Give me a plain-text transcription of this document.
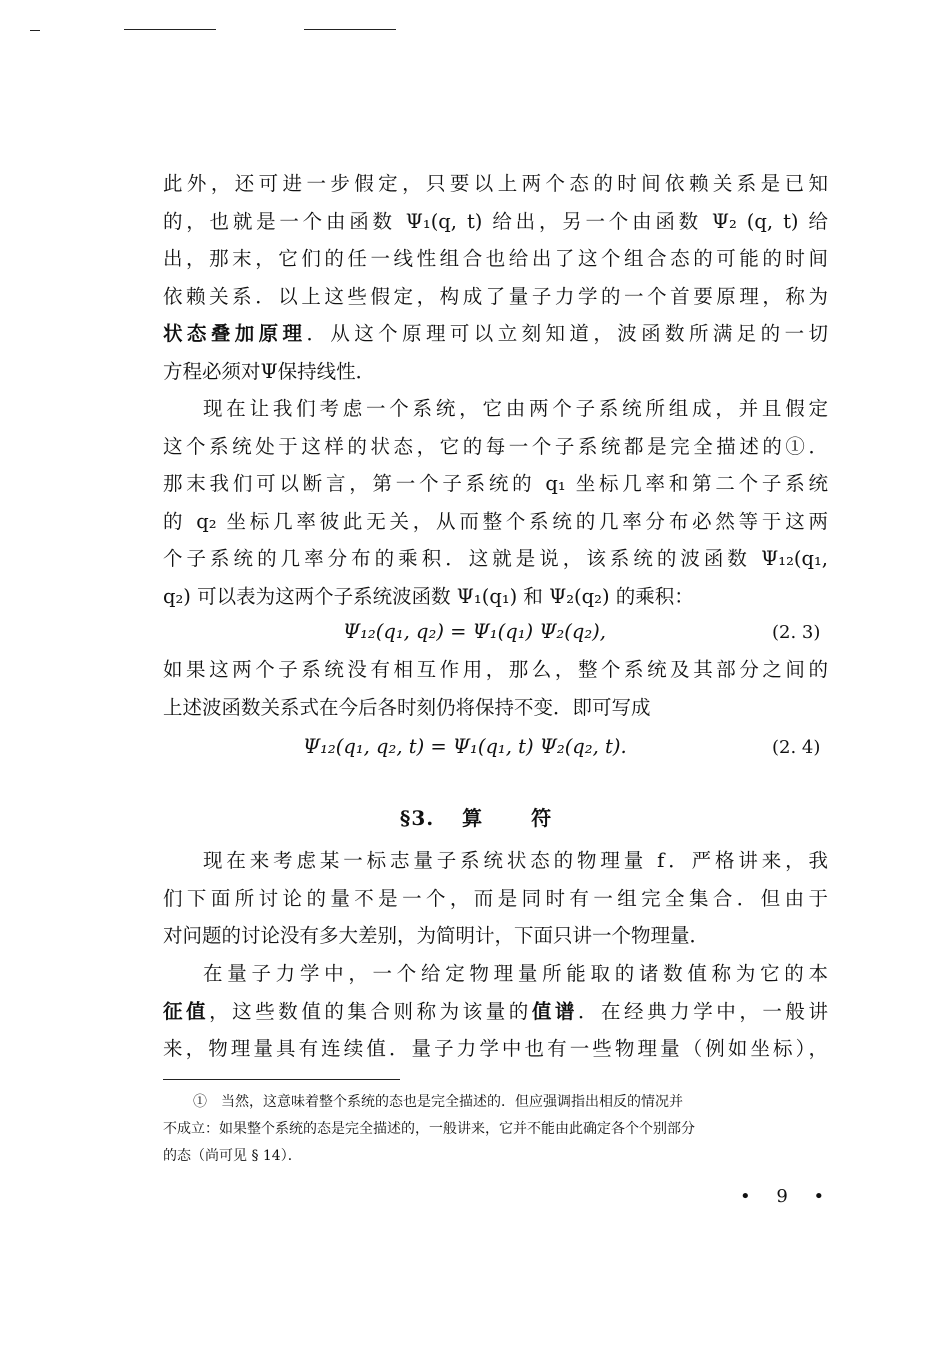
此外，还可进一步假定，只要以上两个态的时间依赖关系是已知
的，也就是一个由函数 Ψ₁(q, t) 给出，另一个由函数 Ψ₂ (q, t) 给
出，那末，它们的任一线性组合也给出了这个组合态的可能的时间
依赖关系．以上这些假定，构成了量子力学的一个首要原理，称为
状态叠加原理．从这个原理可以立刻知道，波函数所满足的一切
方程必须对Ψ保持线性．
现在让我们考虑一个系统，它由两个子系统所组成，并且假定
这个系统处于这样的状态，它的每一个子系统都是完全描述的①．
那末我们可以断言，第一个子系统的 q₁ 坐标几率和第二个子系统
的 q₂ 坐标几率彼此无关，从而整个系统的几率分布必然等于这两
个子系统的几率分布的乘积．这就是说，该系统的波函数 Ψ₁₂(q₁,
q₂) 可以表为这两个子系统波函数 Ψ₁(q₁) 和 Ψ₂(q₂) 的乘积：
Ψ₁₂(q₁, q₂) = Ψ₁(q₁) Ψ₂(q₂),	(2. 3)
如果这两个子系统没有相互作用，那么，整个系统及其部分之间的
上述波函数关系式在今后各时刻仍将保持不变．即可写成
Ψ₁₂(q₁, q₂, t) = Ψ₁(q₁, t) Ψ₂(q₂, t).	(2. 4)
§3. 算 符
现在来考虑某一标志量子系统状态的物理量 f．严格讲来，我
们下面所讨论的量不是一个，而是同时有一组完全集合．但由于
对问题的讨论没有多大差别，为简明计，下面只讲一个物理量．
在量子力学中，一个给定物理量所能取的诸数值称为它的本
征值，这些数值的集合则称为该量的值谱．在经典力学中，一般讲
来，物理量具有连续值．量子力学中也有一些物理量（例如坐标），
①　当然，这意味着整个系统的态也是完全描述的．但应强调指出相反的情况并
不成立：如果整个系统的态是完全描述的，一般讲来，它并不能由此确定各个个别部分
的态（尚可见 § 14）．
• 9 •
